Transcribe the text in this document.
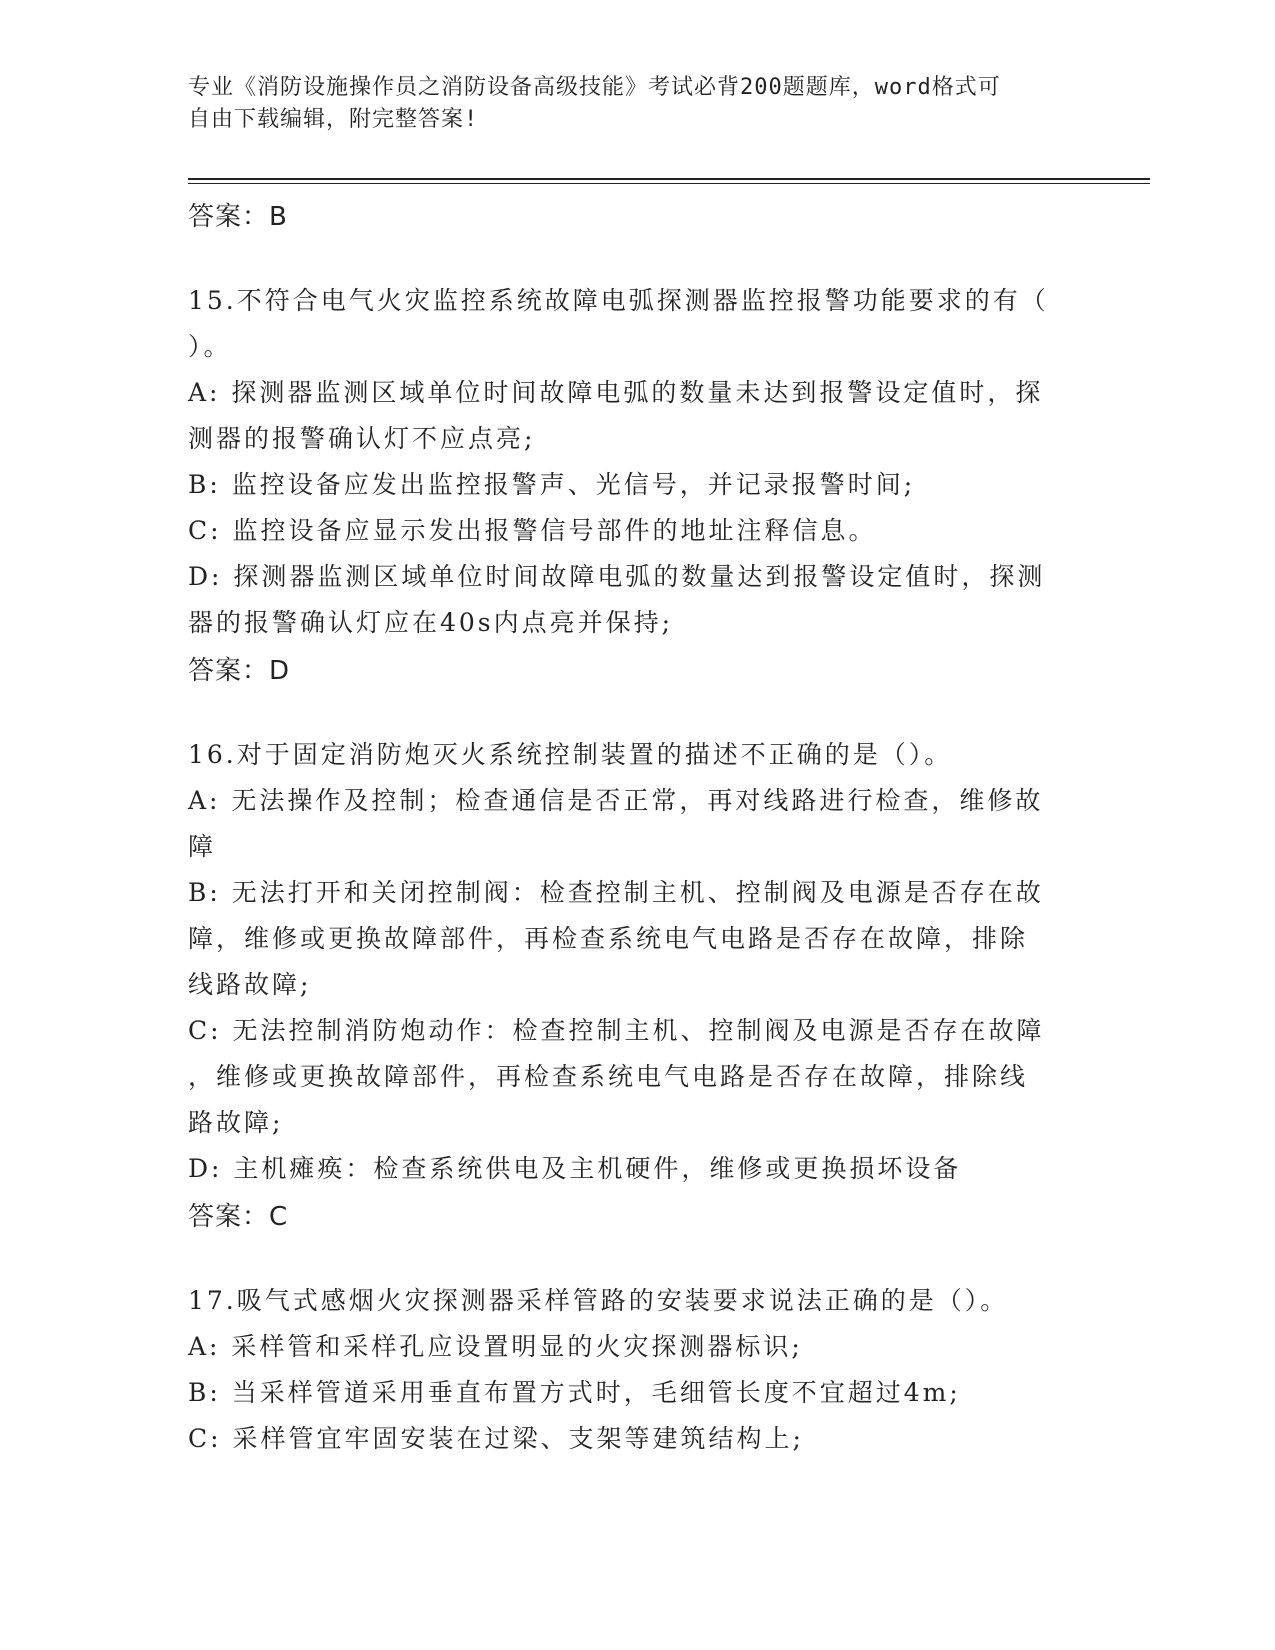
专业《消防设施操作员之消防设备高级技能》考试必背200题题库，word格式可
自由下载编辑，附完整答案!
答案：B
15.不符合电气火灾监控系统故障电弧探测器监控报警功能要求的有（
）。
A: 探测器监测区域单位时间故障电弧的数量未达到报警设定值时，探
测器的报警确认灯不应点亮;
B: 监控设备应发出监控报警声、光信号，并记录报警时间;
C: 监控设备应显示发出报警信号部件的地址注释信息。
D: 探测器监测区域单位时间故障电弧的数量达到报警设定值时，探测
器的报警确认灯应在40s内点亮并保持;
答案：D
16.对于固定消防炮灭火系统控制装置的描述不正确的是（）。
A: 无法操作及控制；检查通信是否正常，再对线路进行检查，维修故
障
B: 无法打开和关闭控制阀：检查控制主机、控制阀及电源是否存在故
障，维修或更换故障部件，再检查系统电气电路是否存在故障，排除
线路故障;
C: 无法控制消防炮动作：检查控制主机、控制阀及电源是否存在故障
，维修或更换故障部件，再检查系统电气电路是否存在故障，排除线
路故障;
D: 主机瘫痪：检查系统供电及主机硬件，维修或更换损坏设备
答案：C
17.吸气式感烟火灾探测器采样管路的安装要求说法正确的是（）。
A: 采样管和采样孔应设置明显的火灾探测器标识;
B: 当采样管道采用垂直布置方式时，毛细管长度不宜超过4m;
C: 采样管宜牢固安装在过梁、支架等建筑结构上;
